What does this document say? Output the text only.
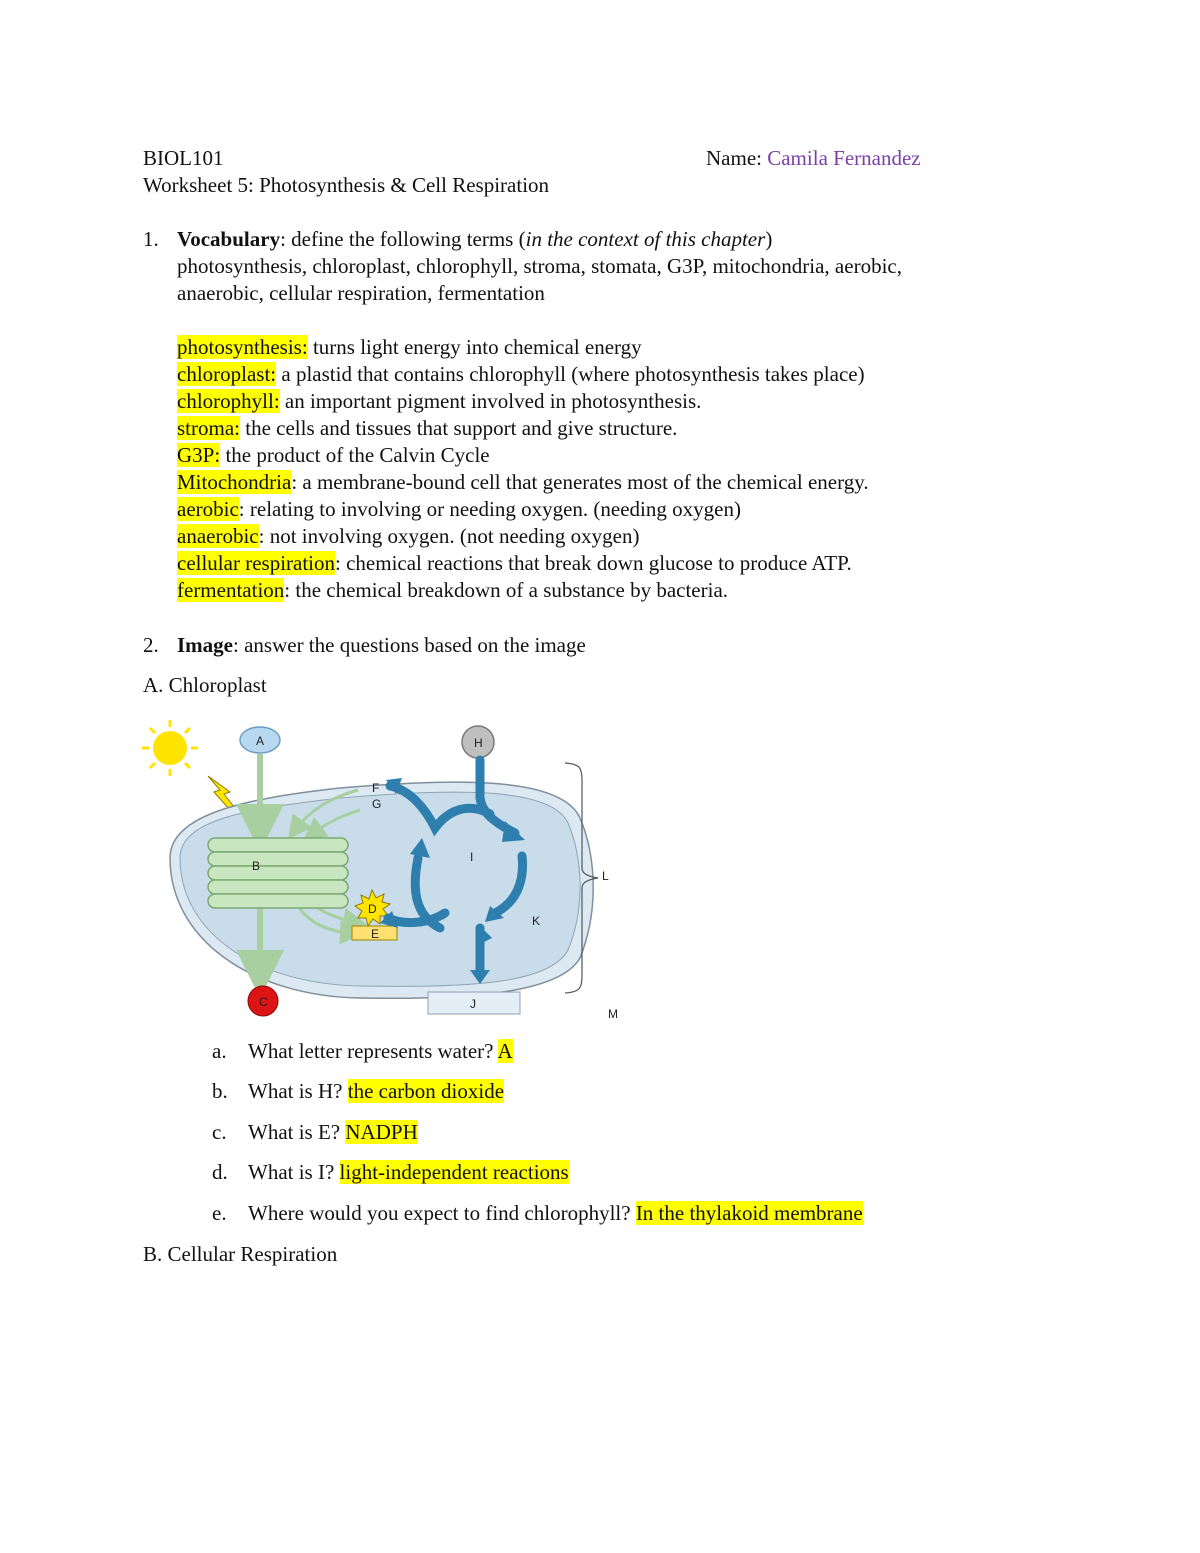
BIOL101	Name: Camila Fernandez
Worksheet 5: Photosynthesis & Cell Respiration
1. Vocabulary: define the following terms (in the context of this chapter)
photosynthesis, chloroplast, chlorophyll, stroma, stomata, G3P, mitochondria, aerobic,
anaerobic, cellular respiration, fermentation
photosynthesis: turns light energy into chemical energy
chloroplast: a plastid that contains chlorophyll (where photosynthesis takes place)
chlorophyll: an important pigment involved in photosynthesis.
stroma: the cells and tissues that support and give structure.
G3P: the product of the Calvin Cycle
Mitochondria: a membrane-bound cell that generates most of the chemical energy.
aerobic: relating to involving or needing oxygen. (needing oxygen)
anaerobic: not involving oxygen. (not needing oxygen)
cellular respiration: chemical reactions that break down glucose to produce ATP.
fermentation: the chemical breakdown of a substance by bacteria.
2. Image: answer the questions based on the image
A. Chloroplast
L
M
B
A
C
D
E
F
G
H
I
K
J
a. What letter represents water? A
b. What is H? the carbon dioxide
c. What is E? NADPH
d. What is I? light-independent reactions
e. Where would you expect to find chlorophyll? In the thylakoid membrane
B. Cellular Respiration
